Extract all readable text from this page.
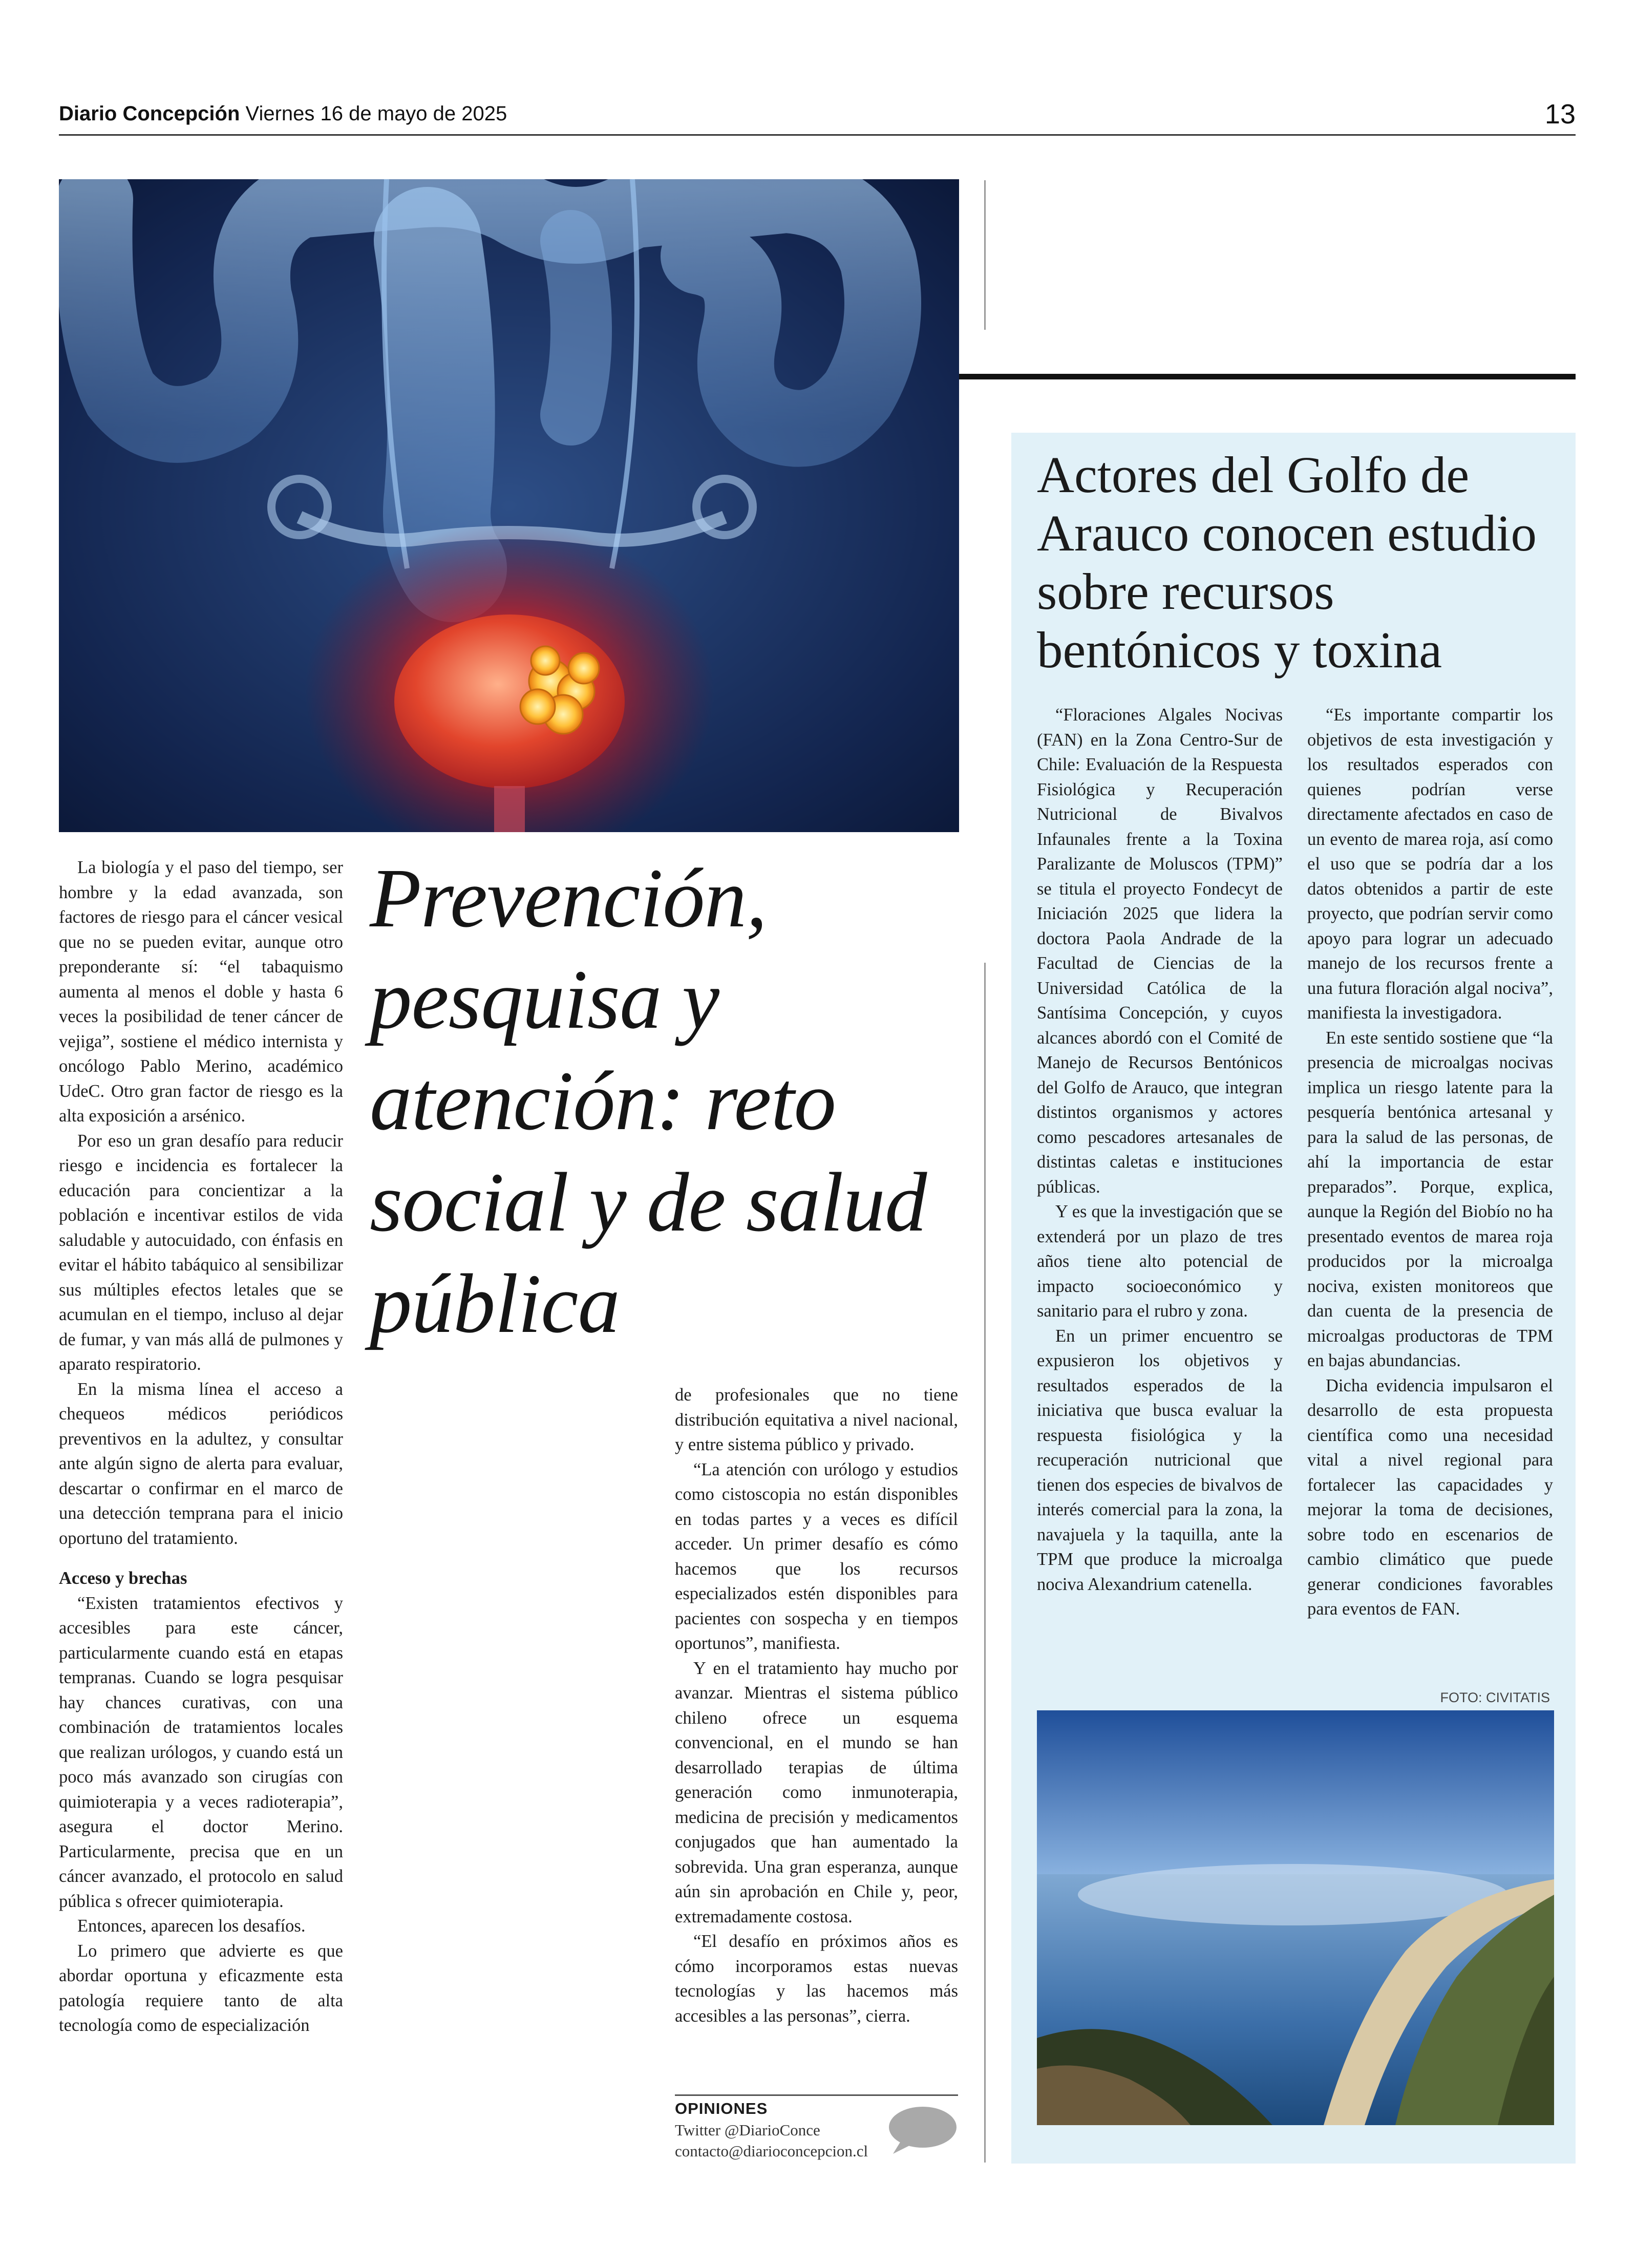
Diario Concepción Viernes 16 de mayo de 2025	13
Prevención, pesquisa y atención: reto social y de salud pública

La biología y el paso del tiempo, ser hombre y la edad avanzada, son factores de riesgo para el cáncer vesical que no se pueden evitar, aunque otro preponderante sí: “el tabaquismo aumenta al menos el doble y hasta 6 veces la posibilidad de tener cáncer de vejiga”, sostiene el médico internista y oncólogo Pablo Merino, académico UdeC. Otro gran factor de riesgo es la alta exposición a arsénico.

Por eso un gran desafío para reducir riesgo e incidencia es fortalecer la educación para concientizar a la población e incentivar estilos de vida saludable y autocuidado, con énfasis en evitar el hábito tabáquico al sensibilizar sus múltiples efectos letales que se acumulan en el tiempo, incluso al dejar de fumar, y van más allá de pulmones y aparato respiratorio.

En la misma línea el acceso a chequeos médicos periódicos preventivos en la adultez, y consultar ante algún signo de alerta para evaluar, descartar o confirmar en el marco de una detección temprana para el inicio oportuno del tratamiento.

Acceso y brechas

“Existen tratamientos efectivos y accesibles para este cáncer, particularmente cuando está en etapas tempranas. Cuando se logra pesquisar hay chances curativas, con una combinación de tratamientos locales que realizan urólogos, y cuando está un poco más avanzado son cirugías con quimioterapia y a veces radioterapia”, asegura el doctor Merino. Particularmente, precisa que en un cáncer avanzado, el protocolo en salud pública s ofrecer quimioterapia.

Entonces, aparecen los desafíos.

Lo primero que advierte es que abordar oportuna y eficazmente esta patología requiere tanto de alta tecnología como de especialización

de profesionales que no tiene distribución equitativa a nivel nacional, y entre sistema público y privado.

“La atención con urólogo y estudios como cistoscopia no están disponibles en todas partes y a veces es difícil acceder. Un primer desafío es cómo hacemos que los recursos especializados estén disponibles para pacientes con sospecha y en tiempos oportunos”, manifiesta.

Y en el tratamiento hay mucho por avanzar. Mientras el sistema público chileno ofrece un esquema convencional, en el mundo se han desarrollado terapias de última generación como inmunoterapia, medicina de precisión y medicamentos conjugados que han aumentado la sobrevida. Una gran esperanza, aunque aún sin aprobación en Chile y, peor, extremadamente costosa.

“El desafío en próximos años es cómo incorporamos estas nuevas tecnologías y las hacemos más accesibles a las personas”, cierra.

OPINIONES
Twitter @DiarioConce
contacto@diarioconcepcion.cl
Actores del Golfo de Arauco conocen estudio sobre recursos bentónicos y toxina

“Floraciones Algales Nocivas (FAN) en la Zona Centro-Sur de Chile: Evaluación de la Respuesta Fisiológica y Recuperación Nutricional de Bivalvos Infaunales frente a la Toxina Paralizante de Moluscos (TPM)” se titula el proyecto Fondecyt de Iniciación 2025 que lidera la doctora Paola Andrade de la Facultad de Ciencias de la Universidad Católica de la Santísima Concepción, y cuyos alcances abordó con el Comité de Manejo de Recursos Bentónicos del Golfo de Arauco, que integran distintos organismos y actores como pescadores artesanales de distintas caletas e instituciones públicas.

Y es que la investigación que se extenderá por un plazo de tres años tiene alto potencial de impacto socioeconómico y sanitario para el rubro y zona.

En un primer encuentro se expusieron los objetivos y resultados esperados de la iniciativa que busca evaluar la respuesta fisiológica y la recuperación nutricional que tienen dos especies de bivalvos de interés comercial para la zona, la navajuela y la taquilla, ante la TPM que produce la microalga nociva Alexandrium catenella.

“Es importante compartir los objetivos de esta investigación y los resultados esperados con quienes podrían verse directamente afectados en caso de un evento de marea roja, así como el uso que se podría dar a los datos obtenidos a partir de este proyecto, que podrían servir como apoyo para lograr un adecuado manejo de los recursos frente a una futura floración algal nociva”, manifiesta la investigadora.

En este sentido sostiene que “la presencia de microalgas nocivas implica un riesgo latente para la pesquería bentónica artesanal y para la salud de las personas, de ahí la importancia de estar preparados”. Porque, explica, aunque la Región del Biobío no ha presentado eventos de marea roja producidos por la microalga nociva, existen monitoreos que dan cuenta de la presencia de microalgas productoras de TPM en bajas abundancias.

Dicha evidencia impulsaron el desarrollo de esta propuesta científica como una necesidad vital a nivel regional para fortalecer las capacidades y mejorar la toma de decisiones, sobre todo en escenarios de cambio climático que puede generar condiciones favorables para eventos de FAN.

FOTO: CIVITATIS
